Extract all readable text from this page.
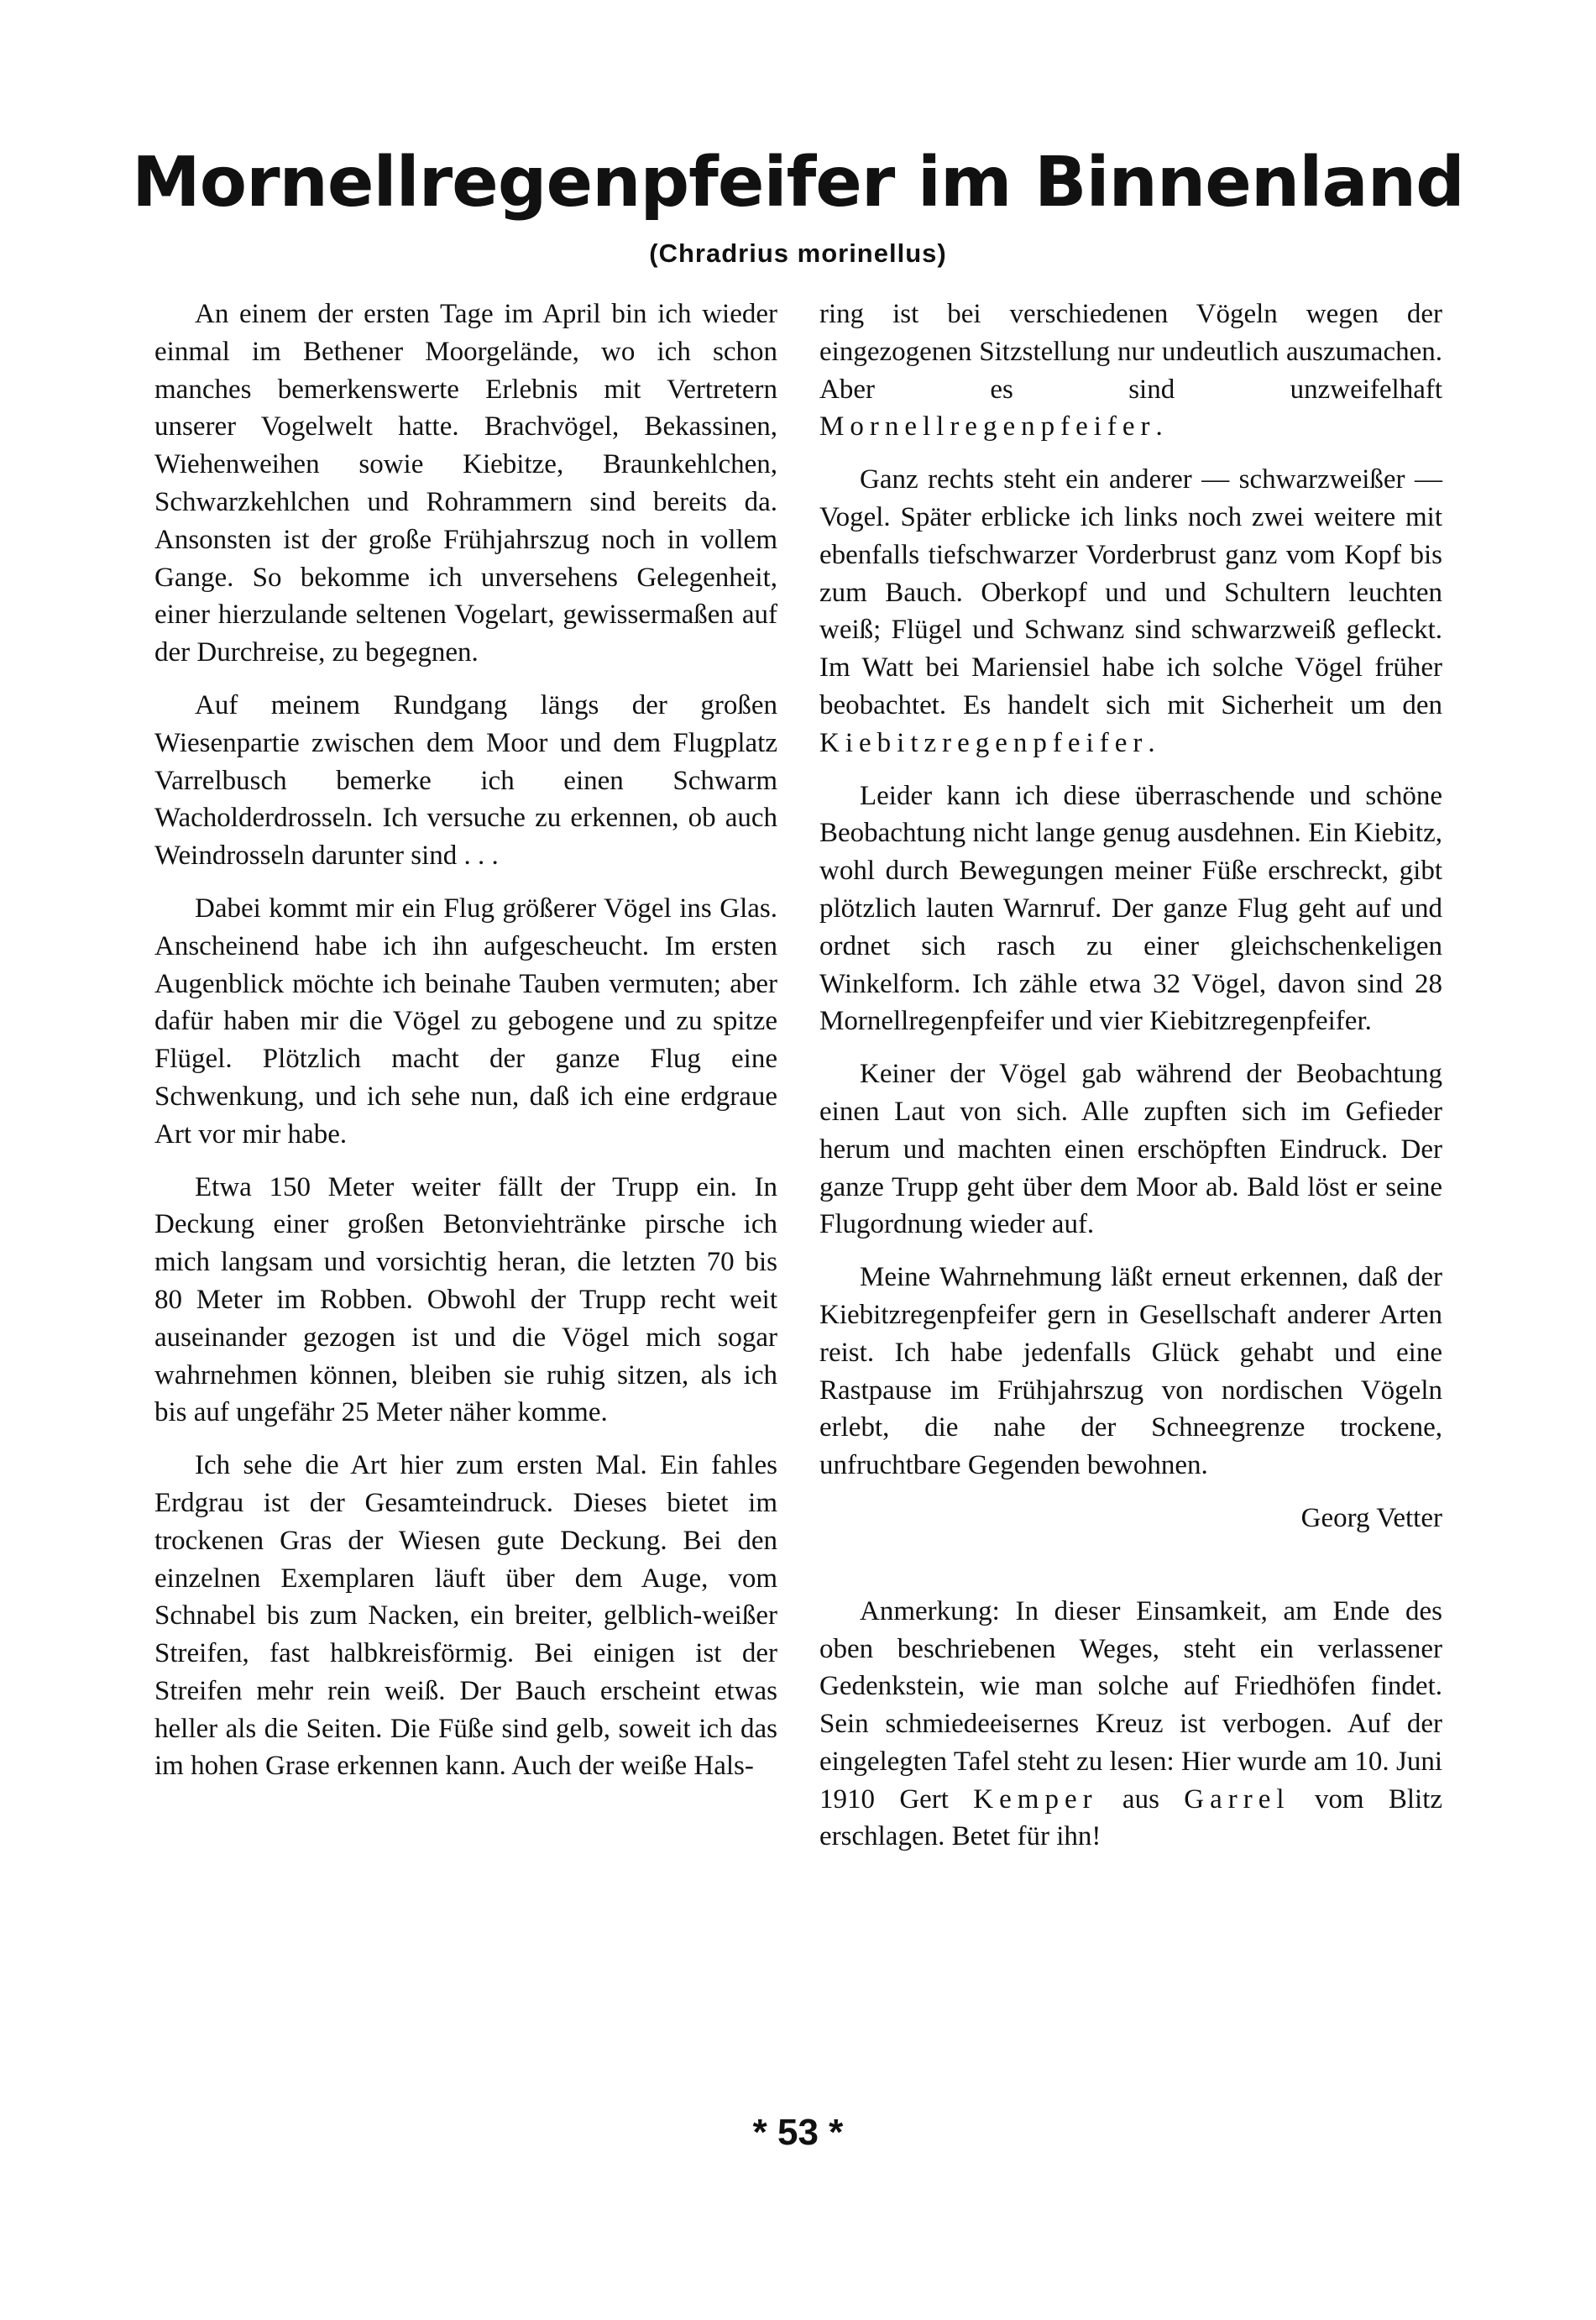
Mornellregenpfeifer im Binnenland
(Chradrius morinellus)

An einem der ersten Tage im April bin ich wieder einmal im Bethener Moorgelände, wo ich schon manches bemerkenswerte Erlebnis mit Vertretern unserer Vogelwelt hatte. Brachvögel, Bekassinen, Wiehenweihen sowie Kiebitze, Braunkehlchen, Schwarzkehlchen und Rohrammern sind bereits da. Ansonsten ist der große Frühjahrszug noch in vollem Gange. So bekomme ich unversehens Gelegenheit, einer hierzulande seltenen Vogelart, gewissermaßen auf der Durchreise, zu begegnen.

Auf meinem Rundgang längs der großen Wiesenpartie zwischen dem Moor und dem Flugplatz Varrelbusch bemerke ich einen Schwarm Wacholderdrosseln. Ich versuche zu erkennen, ob auch Weindrosseln darunter sind . . .

Dabei kommt mir ein Flug größerer Vögel ins Glas. Anscheinend habe ich ihn aufgescheucht. Im ersten Augenblick möchte ich beinahe Tauben vermuten; aber dafür haben mir die Vögel zu gebogene und zu spitze Flügel. Plötzlich macht der ganze Flug eine Schwenkung, und ich sehe nun, daß ich eine erdgraue Art vor mir habe.

Etwa 150 Meter weiter fällt der Trupp ein. In Deckung einer großen Betonviehtränke pirsche ich mich langsam und vorsichtig heran, die letzten 70 bis 80 Meter im Robben. Obwohl der Trupp recht weit auseinander gezogen ist und die Vögel mich sogar wahrnehmen können, bleiben sie ruhig sitzen, als ich bis auf ungefähr 25 Meter näher komme.

Ich sehe die Art hier zum ersten Mal. Ein fahles Erdgrau ist der Gesamteindruck. Dieses bietet im trockenen Gras der Wiesen gute Deckung. Bei den einzelnen Exemplaren läuft über dem Auge, vom Schnabel bis zum Nacken, ein breiter, gelblich-weißer Streifen, fast halbkreisförmig. Bei einigen ist der Streifen mehr rein weiß. Der Bauch erscheint etwas heller als die Seiten. Die Füße sind gelb, soweit ich das im hohen Grase erkennen kann. Auch der weiße Hals-

ring ist bei verschiedenen Vögeln wegen der eingezogenen Sitzstellung nur undeutlich auszumachen. Aber es sind unzweifelhaft Mornellregenpfeifer.

Ganz rechts steht ein anderer — schwarzweißer — Vogel. Später erblicke ich links noch zwei weitere mit ebenfalls tiefschwarzer Vorderbrust ganz vom Kopf bis zum Bauch. Oberkopf und und Schultern leuchten weiß; Flügel und Schwanz sind schwarzweiß gefleckt. Im Watt bei Mariensiel habe ich solche Vögel früher beobachtet. Es handelt sich mit Sicherheit um den Kiebitzregenpfeifer.

Leider kann ich diese überraschende und schöne Beobachtung nicht lange genug ausdehnen. Ein Kiebitz, wohl durch Bewegungen meiner Füße erschreckt, gibt plötzlich lauten Warnruf. Der ganze Flug geht auf und ordnet sich rasch zu einer gleichschenkeligen Winkelform. Ich zähle etwa 32 Vögel, davon sind 28 Mornellregenpfeifer und vier Kiebitzregenpfeifer.

Keiner der Vögel gab während der Beobachtung einen Laut von sich. Alle zupften sich im Gefieder herum und machten einen erschöpften Eindruck. Der ganze Trupp geht über dem Moor ab. Bald löst er seine Flugordnung wieder auf.

Meine Wahrnehmung läßt erneut erkennen, daß der Kiebitzregenpfeifer gern in Gesellschaft anderer Arten reist. Ich habe jedenfalls Glück gehabt und eine Rastpause im Frühjahrszug von nordischen Vögeln erlebt, die nahe der Schneegrenze trockene, unfruchtbare Gegenden bewohnen.

Georg Vetter

Anmerkung: In dieser Einsamkeit, am Ende des oben beschriebenen Weges, steht ein verlassener Gedenkstein, wie man solche auf Friedhöfen findet. Sein schmiedeeisernes Kreuz ist verbogen. Auf der eingelegten Tafel steht zu lesen: Hier wurde am 10. Juni 1910 Gert Kemper aus Garrel vom Blitz erschlagen. Betet für ihn!

* 53 *
